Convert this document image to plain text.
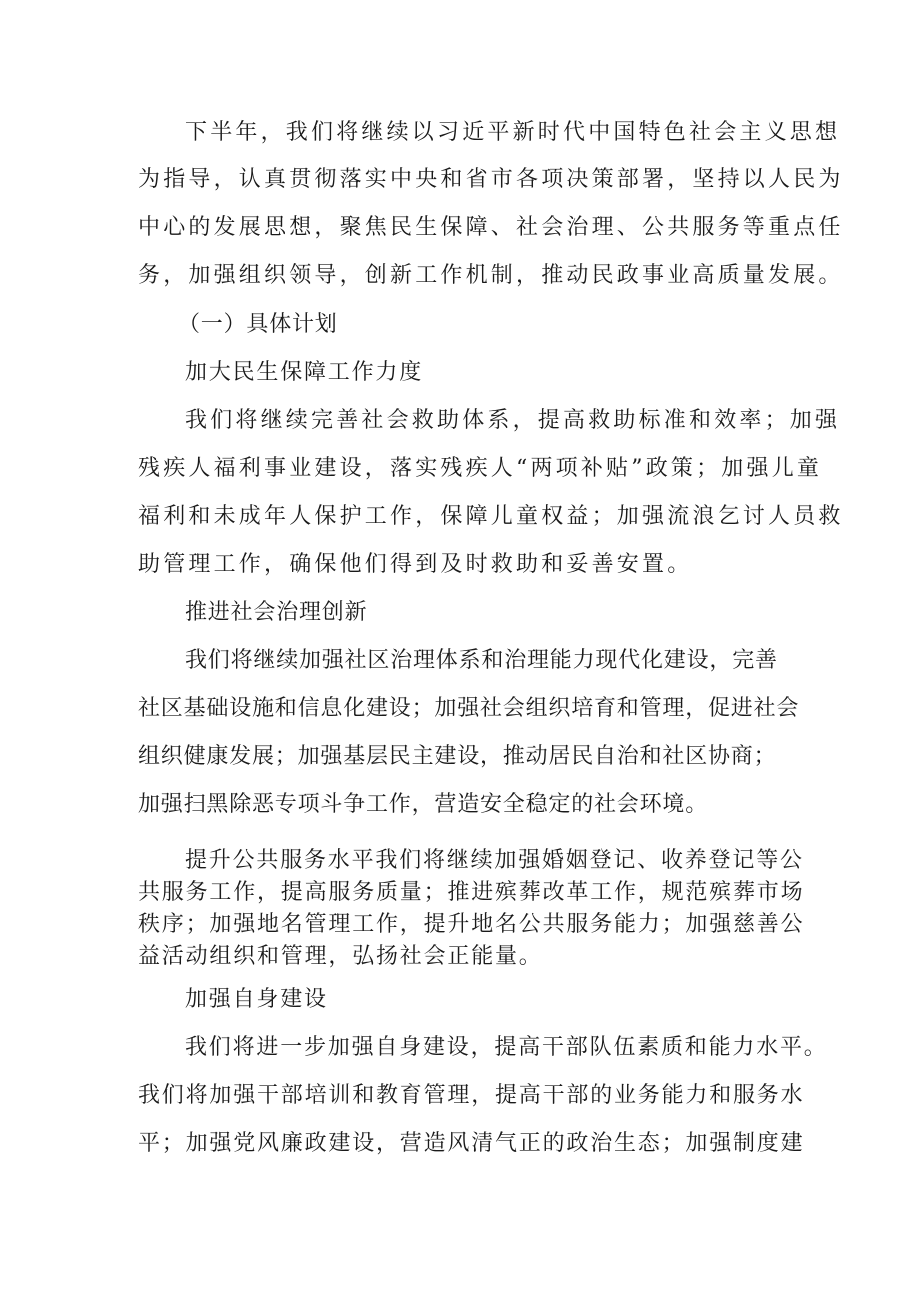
下半年，我们将继续以习近平新时代中国特色社会主义思想
为指导，认真贯彻落实中央和省市各项决策部署，坚持以人民为
中心的发展思想，聚焦民生保障、社会治理、公共服务等重点任
务，加强组织领导，创新工作机制，推动民政事业高质量发展。
（一）具体计划
加大民生保障工作力度
我们将继续完善社会救助体系，提高救助标准和效率；加强
残疾人福利事业建设，落实残疾人“两项补贴”政策；加强儿童
福利和未成年人保护工作，保障儿童权益；加强流浪乞讨人员救
助管理工作，确保他们得到及时救助和妥善安置。
推进社会治理创新
我们将继续加强社区治理体系和治理能力现代化建设，完善
社区基础设施和信息化建设；加强社会组织培育和管理，促进社会
组织健康发展；加强基层民主建设，推动居民自治和社区协商；
加强扫黑除恶专项斗争工作，营造安全稳定的社会环境。
提升公共服务水平我们将继续加强婚姻登记、收养登记等公
共服务工作，提高服务质量；推进殡葬改革工作，规范殡葬市场
秩序；加强地名管理工作，提升地名公共服务能力；加强慈善公
益活动组织和管理，弘扬社会正能量。
加强自身建设
我们将进一步加强自身建设，提高干部队伍素质和能力水平。
我们将加强干部培训和教育管理，提高干部的业务能力和服务水
平；加强党风廉政建设，营造风清气正的政治生态；加强制度建
